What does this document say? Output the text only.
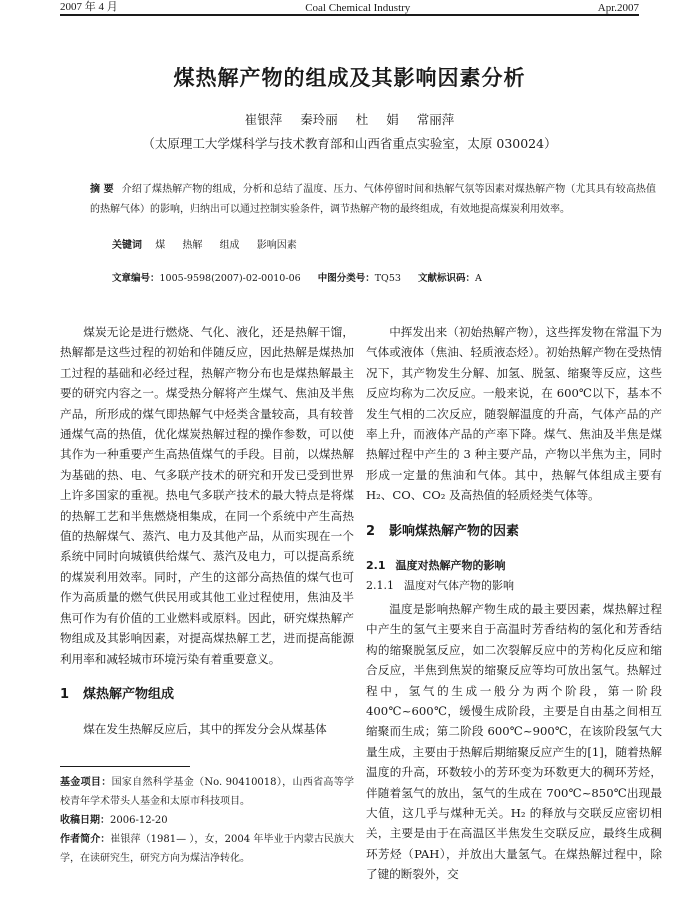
2007 年 4 月	Coal Chemical Industry	Apr.2007
煤热解产物的组成及其影响因素分析
崔银萍 秦玲丽 杜 娟 常丽萍
（太原理工大学煤科学与技术教育部和山西省重点实验室，太原 030024）
摘 要 介绍了煤热解产物的组成，分析和总结了温度、压力、气体停留时间和热解气氛等因素对煤热解产物（尤其具有较高热值的热解气体）的影响，归纳出可以通过控制实验条件，调节热解产物的最终组成，有效地提高煤炭利用效率。
关键词 煤 热解 组成 影响因素
文章编号：1005-9598(2007)-02-0010-06 中图分类号：TQ53 文献标识码：A

煤炭无论是进行燃烧、气化、液化，还是热解干馏，热解都是这些过程的初始和伴随反应，因此热解是煤热加工过程的基础和必经过程，热解产物分布也是煤热解最主要的研究内容之一。煤受热分解将产生煤气、焦油及半焦产品，所形成的煤气即热解气中烃类含量较高，具有较普通煤气高的热值，优化煤炭热解过程的操作参数，可以使其作为一种重要产生高热值煤气的手段。目前，以煤热解为基础的热、电、气多联产技术的研究和开发已受到世界上许多国家的重视。热电气多联产技术的最大特点是将煤的热解工艺和半焦燃烧相集成，在同一个系统中产生高热值的热解煤气、蒸汽、电力及其他产品，从而实现在一个系统中同时向城镇供给煤气、蒸汽及电力，可以提高系统的煤炭利用效率。同时，产生的这部分高热值的煤气也可作为高质量的燃气供民用或其他工业过程使用，焦油及半焦可作为有价值的工业燃料或原料。因此，研究煤热解产物组成及其影响因素，对提高煤热解工艺，进而提高能源利用率和减轻城市环境污染有着重要意义。

1 煤热解产物组成

煤在发生热解反应后，其中的挥发分会从煤基体

基金项目：国家自然科学基金（No. 90410018），山西省高等学校青年学术带头人基金和太原市科技项目。

收稿日期：2006-12-20

作者简介：崔银萍（1981— ），女，2004 年毕业于内蒙古民族大学，在读研究生，研究方向为煤洁净转化。

中挥发出来（初始热解产物），这些挥发物在常温下为气体或液体（焦油、轻质液态烃）。初始热解产物在受热情况下，其产物发生分解、加氢、脱氢、缩聚等反应，这些反应均称为二次反应。一般来说，在 600℃以下，基本不发生气相的二次反应，随裂解温度的升高，气体产品的产率上升，而液体产品的产率下降。煤气、焦油及半焦是煤热解过程中产生的 3 种主要产品，产物以半焦为主，同时形成一定量的焦油和气体。其中，热解气体组成主要有 H₂、CO、CO₂ 及高热值的轻质烃类气体等。

2 影响煤热解产物的因素
2.1 温度对热解产物的影响
2.1.1 温度对气体产物的影响

温度是影响热解产物生成的最主要因素，煤热解过程中产生的氢气主要来自于高温时芳香结构的氢化和芳香结构的缩聚脱氢反应，如二次裂解反应中的芳构化反应和缩合反应，半焦到焦炭的缩聚反应等均可放出氢气。热解过程中，氢气的生成一般分为两个阶段，第一阶段 400℃~600℃，缓慢生成阶段，主要是自由基之间相互缩聚而生成；第二阶段 600℃~900℃，在该阶段氢气大量生成，主要由于热解后期缩聚反应产生的[1]，随着热解温度的升高，环数较小的芳环变为环数更大的稠环芳烃，伴随着氢气的放出，氢气的生成在 700℃~850℃出现最大值，这几乎与煤种无关。H₂ 的释放与交联反应密切相关，主要是由于在高温区半焦发生交联反应，最终生成稠环芳烃（PAH），并放出大量氢气。在煤热解过程中，除了键的断裂外，交
